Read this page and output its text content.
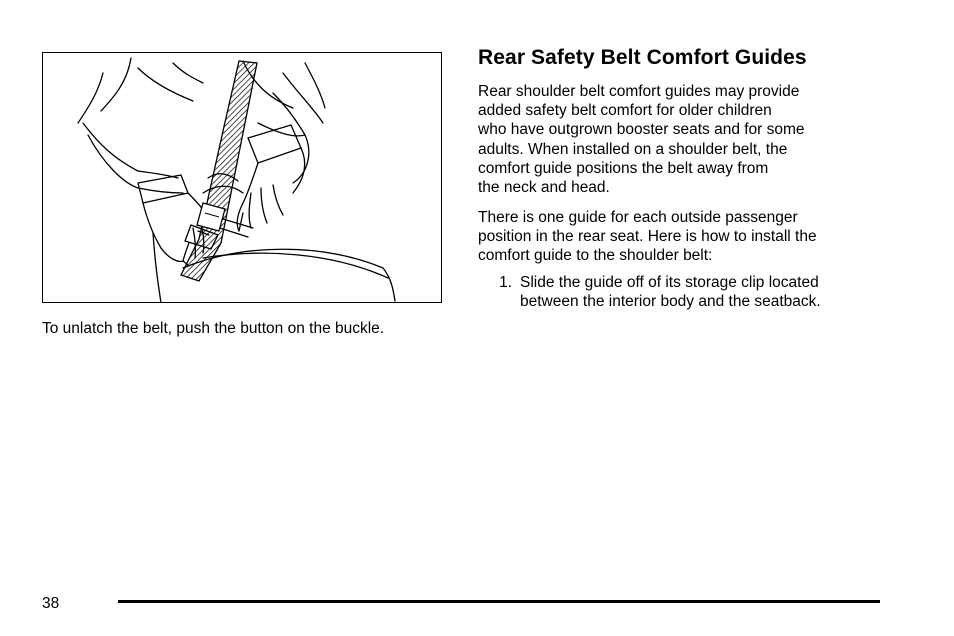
To unlatch the belt, push the button on the buckle.
Rear Safety Belt Comfort Guides

Rear shoulder belt comfort guides may provide
added safety belt comfort for older children
who have outgrown booster seats and for some
adults. When installed on a shoulder belt, the
comfort guide positions the belt away from
the neck and head.

There is one guide for each outside passenger
position in the rear seat. Here is how to install the
comfort guide to the shoulder belt:

1. Slide the guide off of its storage clip located
between the interior body and the seatback.
38
